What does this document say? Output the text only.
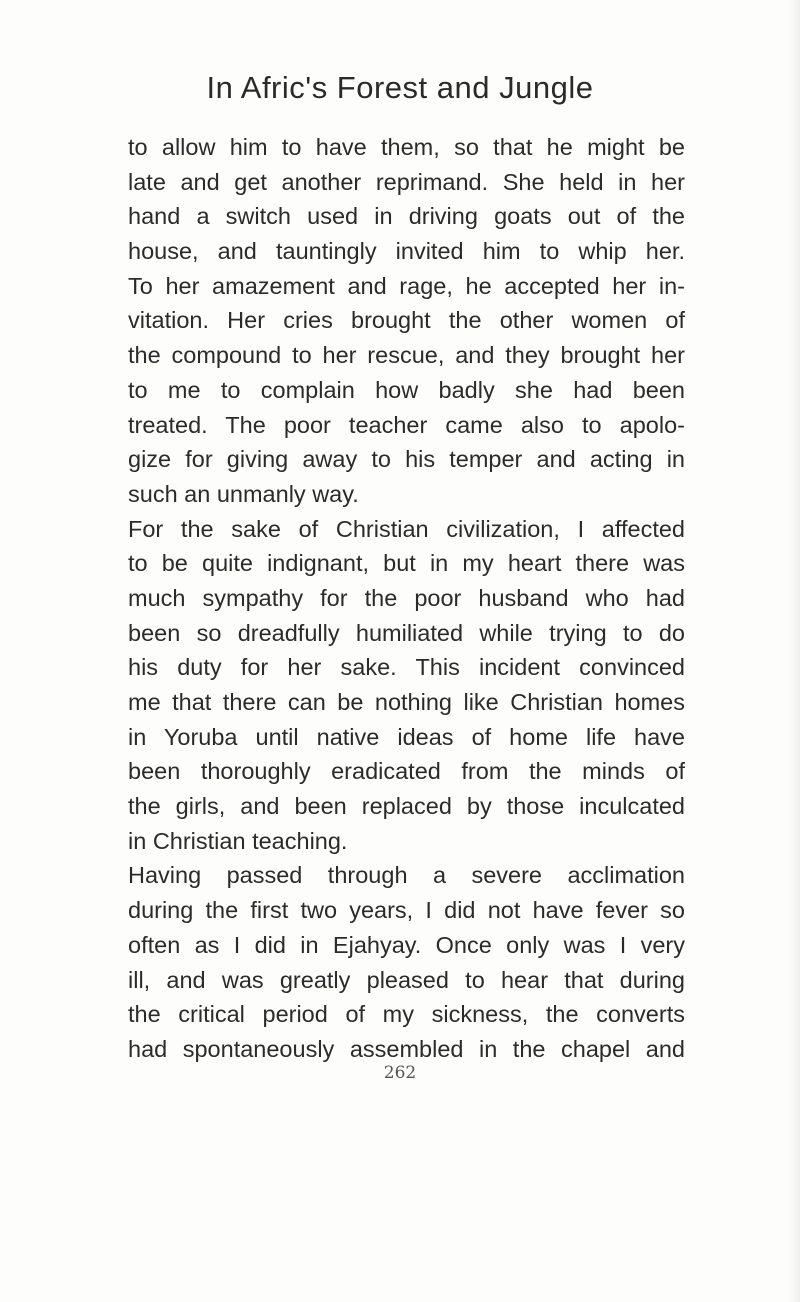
In Afric's Forest and Jungle
to allow him to have them, so that he might be
late and get another reprimand. She held in her
hand a switch used in driving goats out of the
house, and tauntingly invited him to whip her.
To her amazement and rage, he accepted her in-
vitation. Her cries brought the other women of
the compound to her rescue, and they brought her
to me to complain how badly she had been
treated. The poor teacher came also to apolo-
gize for giving away to his temper and acting in
such an unmanly way.
For the sake of Christian civilization, I affected
to be quite indignant, but in my heart there was
much sympathy for the poor husband who had
been so dreadfully humiliated while trying to do
his duty for her sake. This incident convinced
me that there can be nothing like Christian homes
in Yoruba until native ideas of home life have
been thoroughly eradicated from the minds of
the girls, and been replaced by those inculcated
in Christian teaching.
Having passed through a severe acclimation
during the first two years, I did not have fever so
often as I did in Ejahyay. Once only was I very
ill, and was greatly pleased to hear that during
the critical period of my sickness, the converts
had spontaneously assembled in the chapel and
262
